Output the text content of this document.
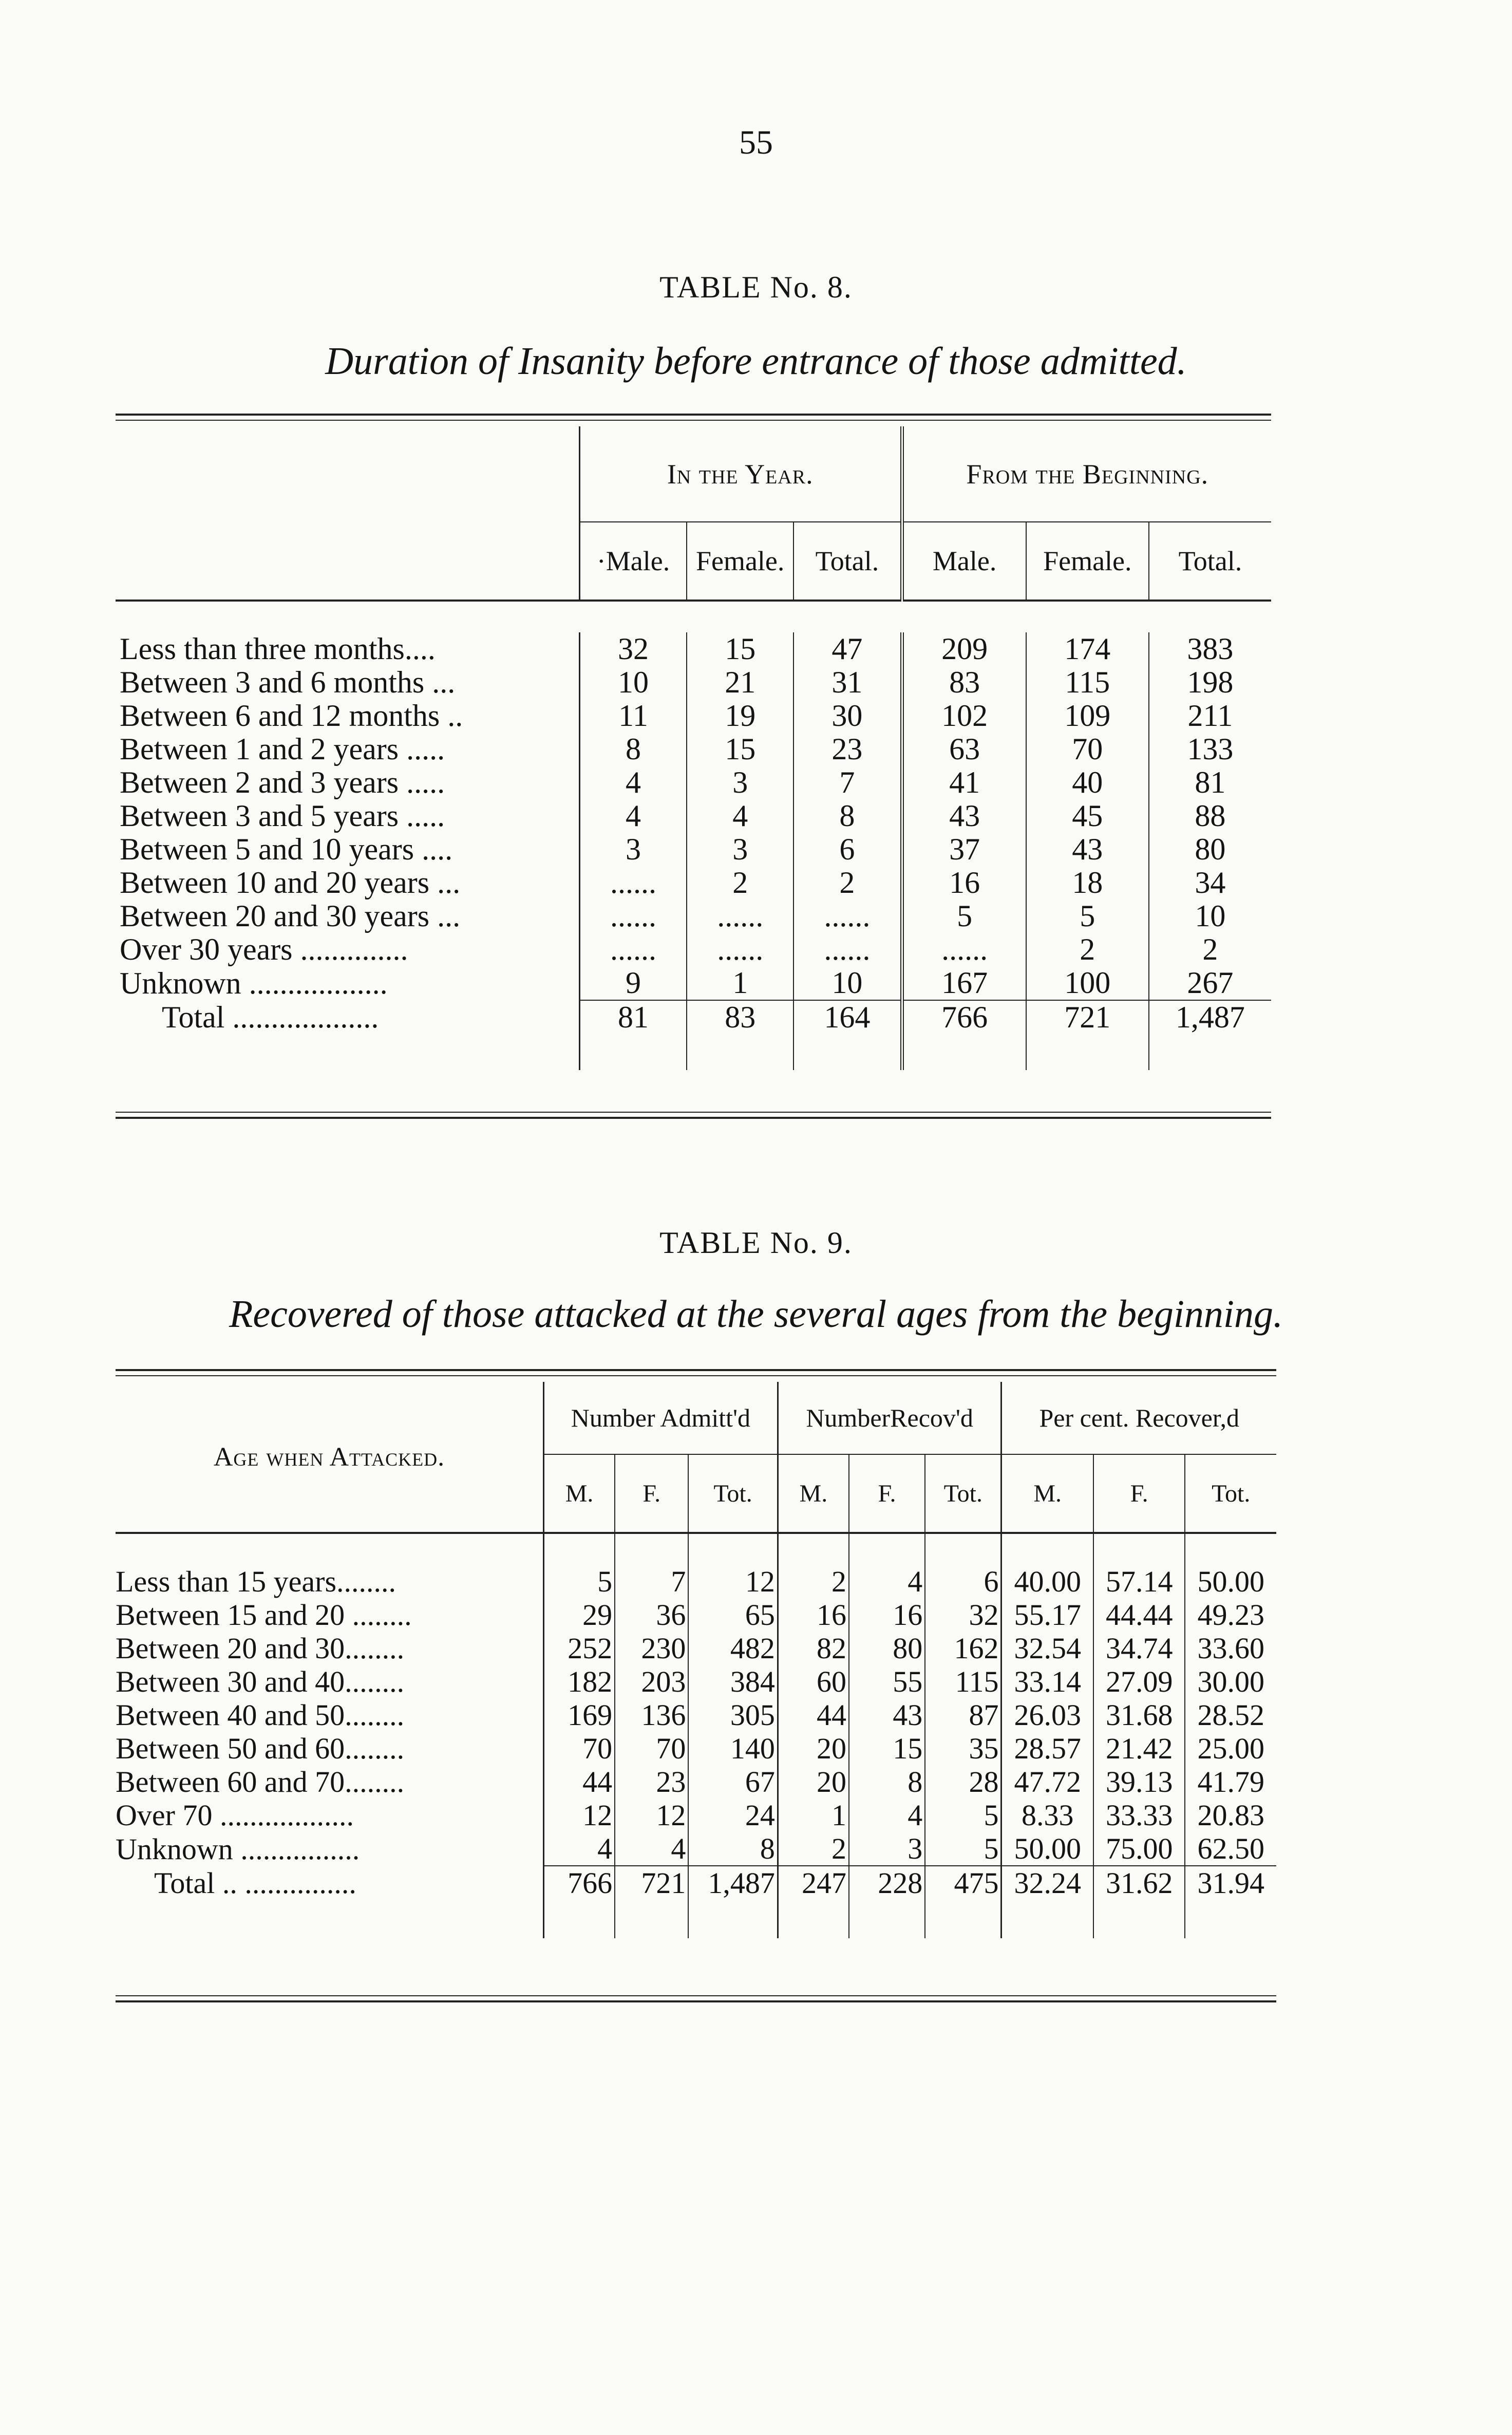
55
TABLE No. 8.
Duration of Insanity before entrance of those admitted.
	In the Year.			From the Beginning.		
	·Male.	Female.	Total.	Male.	Female.	Total.

Less than three months....	32	15	47	209	174	383
Between 3 and 6 months ...	10	21	31	83	115	198
Between 6 and 12 months ..	11	19	30	102	109	211
Between 1 and 2 years .....	8	15	23	63	70	133
Between 2 and 3 years .....	4	3	7	41	40	81
Between 3 and 5 years .....	4	4	8	43	45	88
Between 5 and 10 years ....	3	3	6	37	43	80
Between 10 and 20 years ...	......	2	2	16	18	34
Between 20 and 30 years ...	......	......	......	5	5	10
Over 30 years ..............	......	......	......	......	2	2
Unknown ..................	9	1	10	167	100	267
Total ...................	81	83	164	766	721	1,487

TABLE No. 9.
Recovered of those attacked at the several ages from the beginning.
Age when Attacked.	Number Admitt'd			NumberRecov'd			Per cent. Recover,d		
	M.	F.	Tot.	M.	F.	Tot.	M.	F.	Tot.

Less than 15 years........	5	7	12	2	4	6	40.00	57.14	50.00
Between 15 and 20 ........	29	36	65	16	16	32	55.17	44.44	49.23
Between 20 and 30........	252	230	482	82	80	162	32.54	34.74	33.60
Between 30 and 40........	182	203	384	60	55	115	33.14	27.09	30.00
Between 40 and 50........	169	136	305	44	43	87	26.03	31.68	28.52
Between 50 and 60........	70	70	140	20	15	35	28.57	21.42	25.00
Between 60 and 70........	44	23	67	20	8	28	47.72	39.13	41.79
Over 70 ..................	12	12	24	1	4	5	8.33	33.33	20.83
Unknown ................	4	4	8	2	3	5	50.00	75.00	62.50
Total .. ...............	766	721	1,487	247	228	475	32.24	31.62	31.94
